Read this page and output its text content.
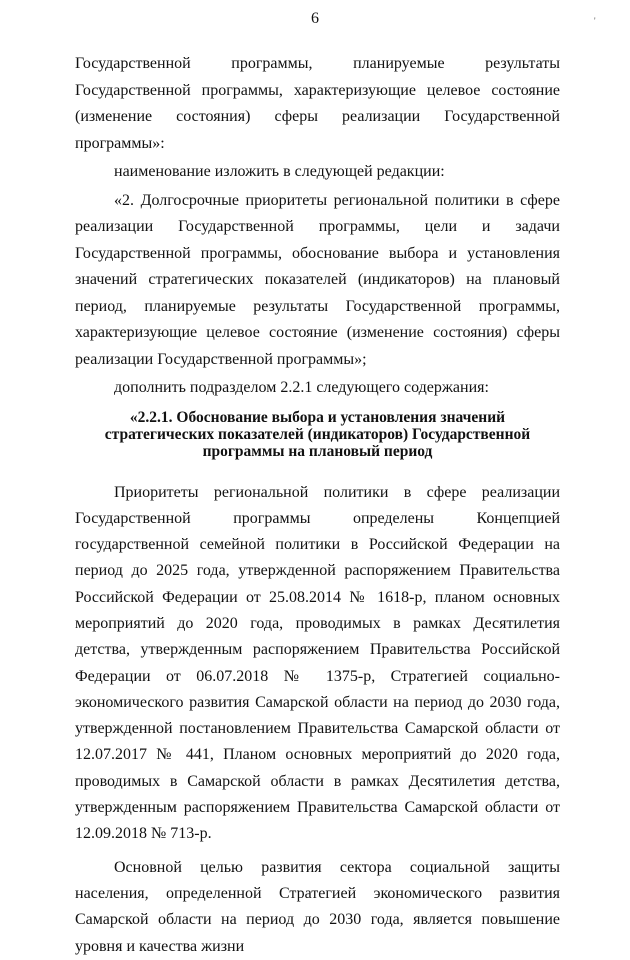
6	'

Государственной программы, планируемые результаты Государственной программы, характеризующие целевое состояние (изменение состояния) сферы реализации Государственной программы»:

наименование изложить в следующей редакции:

«2. Долгосрочные приоритеты региональной политики в сфере реализации Государственной программы, цели и задачи Государственной программы, обоснование выбора и установления значений стратегических показателей (индикаторов) на плановый период, планируемые результаты Государственной программы, характеризующие целевое состояние (изменение состояния) сферы реализации Государственной программы»;

дополнить подразделом 2.2.1 следующего содержания:

«2.2.1. Обоснование выбора и установления значений стратегических показателей (индикаторов) Государственной программы на плановый период

Приоритеты региональной политики в сфере реализации Государственной программы определены Концепцией государственной семейной политики в Российской Федерации на период до 2025 года, утвержденной распоряжением Правительства Российской Федерации от 25.08.2014 № 1618-р, планом основных мероприятий до 2020 года, проводимых в рамках Десятилетия детства, утвержденным распоряжением Правительства Российской Федерации от 06.07.2018 № 1375-р, Стратегией социально-экономического развития Самарской области на период до 2030 года, утвержденной постановлением Правительства Самарской области от 12.07.2017 № 441, Планом основных мероприятий до 2020 года, проводимых в Самарской области в рамках Десятилетия детства, утвержденным распоряжением Правительства Самарской области от 12.09.2018 № 713-р.

Основной целью развития сектора социальной защиты населения, определенной Стратегией экономического развития Самарской области на период до 2030 года, является повышение уровня и качества жизни
